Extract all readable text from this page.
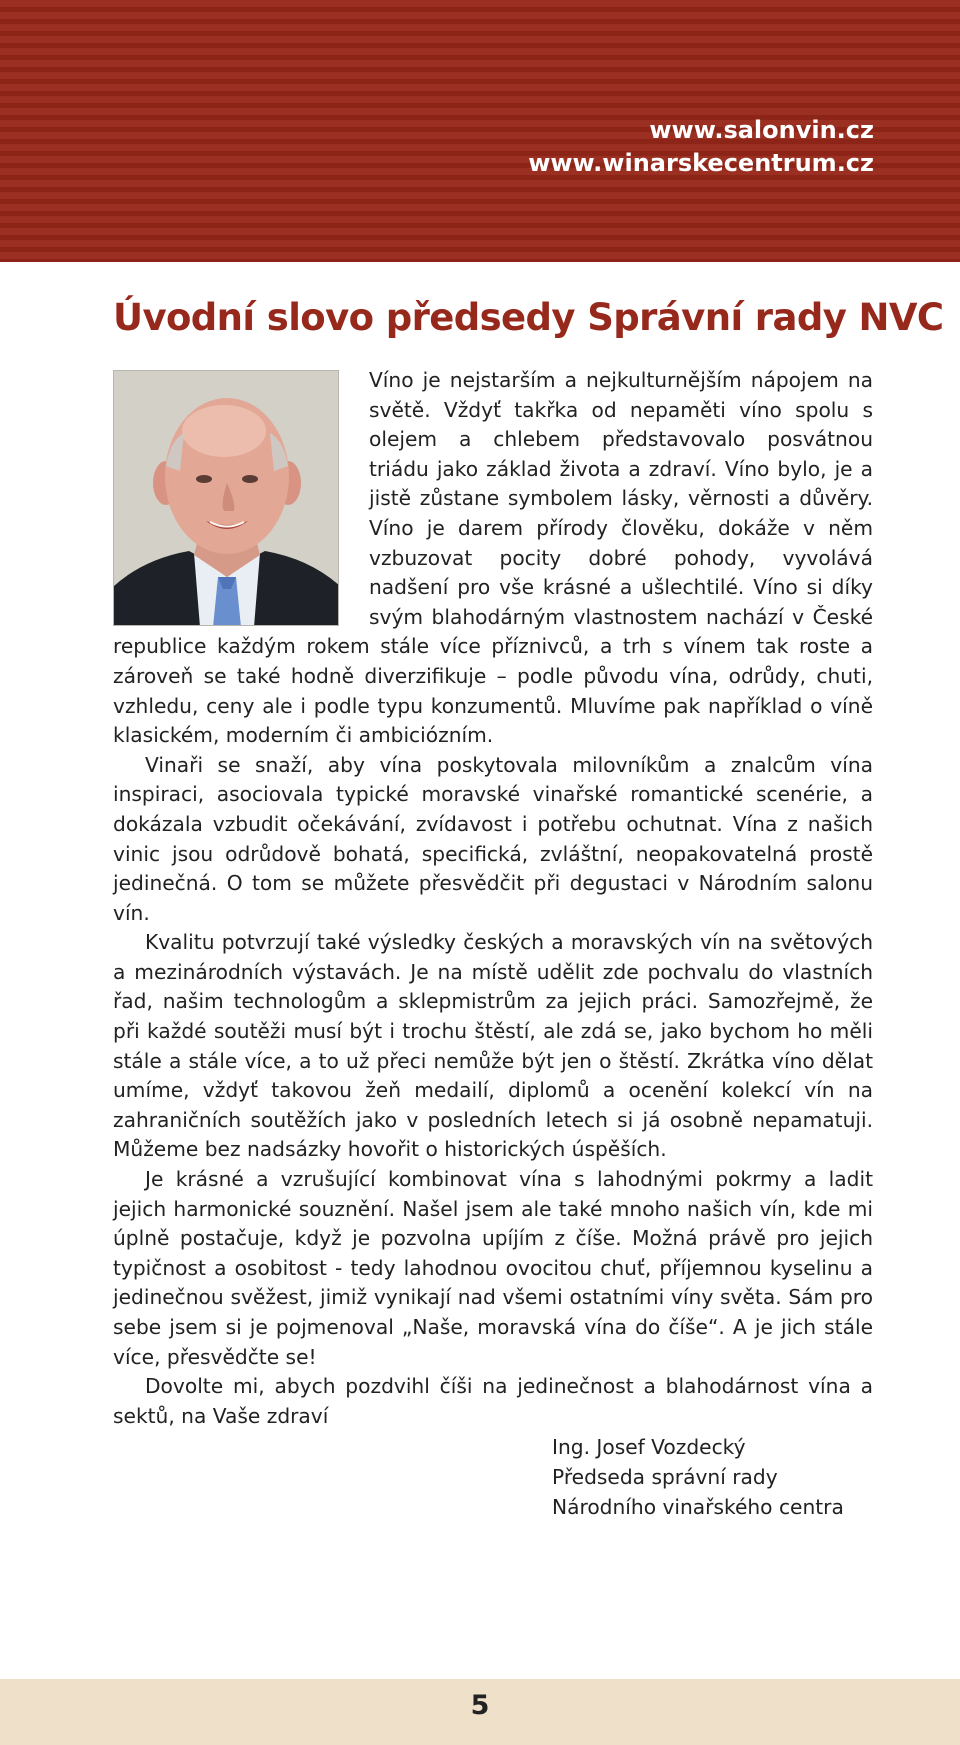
www.salonvin.cz
www.winarskecentrum.cz
Úvodní slovo předsedy Správní rady NVC

Víno je nejstarším a nejkulturnějším nápojem na světě. Vždyť takřka od nepaměti víno spolu s olejem a chlebem představovalo posvátnou triádu jako základ života a zdraví. Víno bylo, je a jistě zůstane symbolem lásky, věrnosti a důvěry. Víno je darem přírody člověku, dokáže v něm vzbuzovat pocity dobré pohody, vyvolává nadšení pro vše krásné a ušlechtilé. Víno si díky svým blahodárným vlastnostem nachází v České republice každým rokem stále více příznivců, a trh s vínem tak roste a zároveň se také hodně diverzifikuje – podle původu vína, odrůdy, chuti, vzhledu, ceny ale i podle typu konzumentů. Mluvíme pak například o víně klasickém, moderním či ambiciózním.

Vinaři se snaží, aby vína poskytovala milovníkům a znalcům vína inspiraci, asociovala typické moravské vinařské romantické scenérie, a dokázala vzbudit očekávání, zvídavost i potřebu ochutnat. Vína z našich vinic jsou odrůdově bohatá, specifická, zvláštní, neopakovatelná prostě jedinečná. O tom se můžete přesvědčit při degustaci v Národním salonu vín.

Kvalitu potvrzují také výsledky českých a moravských vín na světových a mezinárodních výstavách. Je na místě udělit zde pochvalu do vlastních řad, našim technologům a sklepmistrům za jejich práci. Samozřejmě, že při každé soutěži musí být i trochu štěstí, ale zdá se, jako bychom ho měli stále a stále více, a to už přeci nemůže být jen o štěstí. Zkrátka víno dělat umíme, vždyť takovou žeň medailí, diplomů a ocenění kolekcí vín na zahraničních soutěžích jako v posledních letech si já osobně nepamatuji. Můžeme bez nadsázky hovořit o historických úspěších.

Je krásné a vzrušující kombinovat vína s lahodnými pokrmy a ladit jejich harmonické souznění. Našel jsem ale také mnoho našich vín, kde mi úplně postačuje, když je pozvolna upíjím z číše. Možná právě pro jejich typičnost a osobitost - tedy lahodnou ovocitou chuť, příjemnou kyselinu a jedinečnou svěžest, jimiž vynikají nad všemi ostatními víny světa. Sám pro sebe jsem si je pojmenoval „Naše, moravská vína do číše“. A je jich stále více, přesvědčte se!

Dovolte mi, abych pozdvihl číši na jedinečnost a blahodárnost vína a sektů, na Vaše zdraví

Ing. Josef Vozdecký
Předseda správní rady
Národního vinařského centra
5
